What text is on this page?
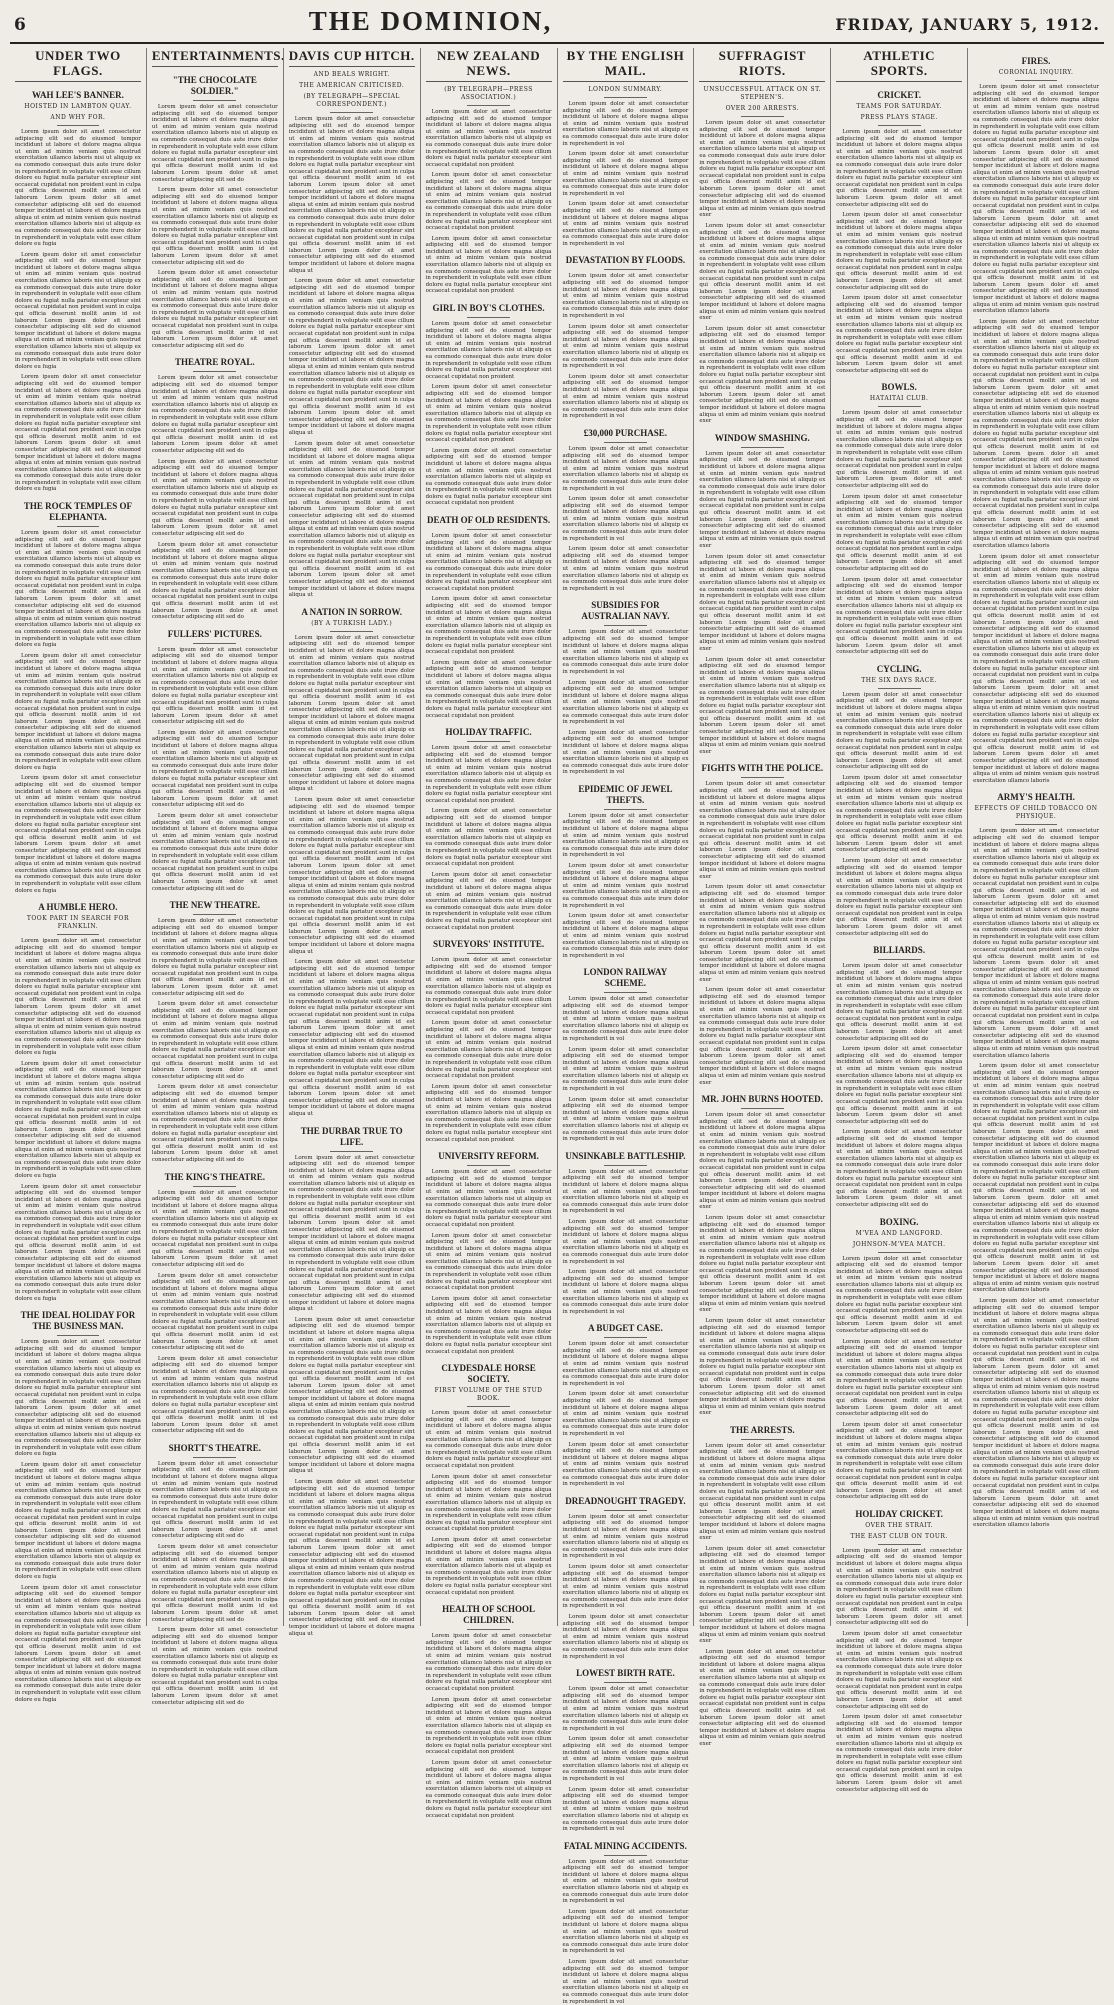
6	THE DOMINION,	FRIDAY, JANUARY 5, 1912.
UNDER TWO FLAGS.
WAH LEE'S BANNER.
HOISTED IN LAMBTON QUAY.
AND WHY FOR.

Lorem ipsum dolor sit amet consectetur adipiscing elit sed do eiusmod tempor incididunt ut labore et dolore magna aliqua ut enim ad minim veniam quis nostrud exercitation ullamco laboris nisi ut aliquip ex ea commodo consequat duis aute irure dolor in reprehenderit in voluptate velit esse cillum dolore eu fugiat nulla pariatur excepteur sint occaecat cupidatat non proident sunt in culpa qui officia deserunt mollit anim id est laborum Lorem ipsum dolor sit amet consectetur adipiscing elit sed do eiusmod tempor incididunt ut labore et dolore magna aliqua ut enim ad minim veniam quis nostrud exercitation ullamco laboris nisi ut aliquip ex ea commodo consequat duis aute irure dolor in reprehenderit in voluptate velit esse cillum dolore eu fugia

Lorem ipsum dolor sit amet consectetur adipiscing elit sed do eiusmod tempor incididunt ut labore et dolore magna aliqua ut enim ad minim veniam quis nostrud exercitation ullamco laboris nisi ut aliquip ex ea commodo consequat duis aute irure dolor in reprehenderit in voluptate velit esse cillum dolore eu fugiat nulla pariatur excepteur sint occaecat cupidatat non proident sunt in culpa qui officia deserunt mollit anim id est laborum Lorem ipsum dolor sit amet consectetur adipiscing elit sed do eiusmod tempor incididunt ut labore et dolore magna aliqua ut enim ad minim veniam quis nostrud exercitation ullamco laboris nisi ut aliquip ex ea commodo consequat duis aute irure dolor in reprehenderit in voluptate velit esse cillum dolore eu fugia

Lorem ipsum dolor sit amet consectetur adipiscing elit sed do eiusmod tempor incididunt ut labore et dolore magna aliqua ut enim ad minim veniam quis nostrud exercitation ullamco laboris nisi ut aliquip ex ea commodo consequat duis aute irure dolor in reprehenderit in voluptate velit esse cillum dolore eu fugiat nulla pariatur excepteur sint occaecat cupidatat non proident sunt in culpa qui officia deserunt mollit anim id est laborum Lorem ipsum dolor sit amet consectetur adipiscing elit sed do eiusmod tempor incididunt ut labore et dolore magna aliqua ut enim ad minim veniam quis nostrud exercitation ullamco laboris nisi ut aliquip ex ea commodo consequat duis aute irure dolor in reprehenderit in voluptate velit esse cillum dolore eu fugia

THE ROCK TEMPLES OF ELEPHANTA.

Lorem ipsum dolor sit amet consectetur adipiscing elit sed do eiusmod tempor incididunt ut labore et dolore magna aliqua ut enim ad minim veniam quis nostrud exercitation ullamco laboris nisi ut aliquip ex ea commodo consequat duis aute irure dolor in reprehenderit in voluptate velit esse cillum dolore eu fugiat nulla pariatur excepteur sint occaecat cupidatat non proident sunt in culpa qui officia deserunt mollit anim id est laborum Lorem ipsum dolor sit amet consectetur adipiscing elit sed do eiusmod tempor incididunt ut labore et dolore magna aliqua ut enim ad minim veniam quis nostrud exercitation ullamco laboris nisi ut aliquip ex ea commodo consequat duis aute irure dolor in reprehenderit in voluptate velit esse cillum dolore eu fugia

Lorem ipsum dolor sit amet consectetur adipiscing elit sed do eiusmod tempor incididunt ut labore et dolore magna aliqua ut enim ad minim veniam quis nostrud exercitation ullamco laboris nisi ut aliquip ex ea commodo consequat duis aute irure dolor in reprehenderit in voluptate velit esse cillum dolore eu fugiat nulla pariatur excepteur sint occaecat cupidatat non proident sunt in culpa qui officia deserunt mollit anim id est laborum Lorem ipsum dolor sit amet consectetur adipiscing elit sed do eiusmod tempor incididunt ut labore et dolore magna aliqua ut enim ad minim veniam quis nostrud exercitation ullamco laboris nisi ut aliquip ex ea commodo consequat duis aute irure dolor in reprehenderit in voluptate velit esse cillum dolore eu fugia

Lorem ipsum dolor sit amet consectetur adipiscing elit sed do eiusmod tempor incididunt ut labore et dolore magna aliqua ut enim ad minim veniam quis nostrud exercitation ullamco laboris nisi ut aliquip ex ea commodo consequat duis aute irure dolor in reprehenderit in voluptate velit esse cillum dolore eu fugiat nulla pariatur excepteur sint occaecat cupidatat non proident sunt in culpa qui officia deserunt mollit anim id est laborum Lorem ipsum dolor sit amet consectetur adipiscing elit sed do eiusmod tempor incididunt ut labore et dolore magna aliqua ut enim ad minim veniam quis nostrud exercitation ullamco laboris nisi ut aliquip ex ea commodo consequat duis aute irure dolor in reprehenderit in voluptate velit esse cillum dolore eu fugia

A HUMBLE HERO.
TOOK PART IN SEARCH FOR FRANKLIN.

Lorem ipsum dolor sit amet consectetur adipiscing elit sed do eiusmod tempor incididunt ut labore et dolore magna aliqua ut enim ad minim veniam quis nostrud exercitation ullamco laboris nisi ut aliquip ex ea commodo consequat duis aute irure dolor in reprehenderit in voluptate velit esse cillum dolore eu fugiat nulla pariatur excepteur sint occaecat cupidatat non proident sunt in culpa qui officia deserunt mollit anim id est laborum Lorem ipsum dolor sit amet consectetur adipiscing elit sed do eiusmod tempor incididunt ut labore et dolore magna aliqua ut enim ad minim veniam quis nostrud exercitation ullamco laboris nisi ut aliquip ex ea commodo consequat duis aute irure dolor in reprehenderit in voluptate velit esse cillum dolore eu fugia

Lorem ipsum dolor sit amet consectetur adipiscing elit sed do eiusmod tempor incididunt ut labore et dolore magna aliqua ut enim ad minim veniam quis nostrud exercitation ullamco laboris nisi ut aliquip ex ea commodo consequat duis aute irure dolor in reprehenderit in voluptate velit esse cillum dolore eu fugiat nulla pariatur excepteur sint occaecat cupidatat non proident sunt in culpa qui officia deserunt mollit anim id est laborum Lorem ipsum dolor sit amet consectetur adipiscing elit sed do eiusmod tempor incididunt ut labore et dolore magna aliqua ut enim ad minim veniam quis nostrud exercitation ullamco laboris nisi ut aliquip ex ea commodo consequat duis aute irure dolor in reprehenderit in voluptate velit esse cillum dolore eu fugia

Lorem ipsum dolor sit amet consectetur adipiscing elit sed do eiusmod tempor incididunt ut labore et dolore magna aliqua ut enim ad minim veniam quis nostrud exercitation ullamco laboris nisi ut aliquip ex ea commodo consequat duis aute irure dolor in reprehenderit in voluptate velit esse cillum dolore eu fugiat nulla pariatur excepteur sint occaecat cupidatat non proident sunt in culpa qui officia deserunt mollit anim id est laborum Lorem ipsum dolor sit amet consectetur adipiscing elit sed do eiusmod tempor incididunt ut labore et dolore magna aliqua ut enim ad minim veniam quis nostrud exercitation ullamco laboris nisi ut aliquip ex ea commodo consequat duis aute irure dolor in reprehenderit in voluptate velit esse cillum dolore eu fugia

THE IDEAL HOLIDAY FOR THE BUSINESS MAN.

Lorem ipsum dolor sit amet consectetur adipiscing elit sed do eiusmod tempor incididunt ut labore et dolore magna aliqua ut enim ad minim veniam quis nostrud exercitation ullamco laboris nisi ut aliquip ex ea commodo consequat duis aute irure dolor in reprehenderit in voluptate velit esse cillum dolore eu fugiat nulla pariatur excepteur sint occaecat cupidatat non proident sunt in culpa qui officia deserunt mollit anim id est laborum Lorem ipsum dolor sit amet consectetur adipiscing elit sed do eiusmod tempor incididunt ut labore et dolore magna aliqua ut enim ad minim veniam quis nostrud exercitation ullamco laboris nisi ut aliquip ex ea commodo consequat duis aute irure dolor in reprehenderit in voluptate velit esse cillum dolore eu fugia

Lorem ipsum dolor sit amet consectetur adipiscing elit sed do eiusmod tempor incididunt ut labore et dolore magna aliqua ut enim ad minim veniam quis nostrud exercitation ullamco laboris nisi ut aliquip ex ea commodo consequat duis aute irure dolor in reprehenderit in voluptate velit esse cillum dolore eu fugiat nulla pariatur excepteur sint occaecat cupidatat non proident sunt in culpa qui officia deserunt mollit anim id est laborum Lorem ipsum dolor sit amet consectetur adipiscing elit sed do eiusmod tempor incididunt ut labore et dolore magna aliqua ut enim ad minim veniam quis nostrud exercitation ullamco laboris nisi ut aliquip ex ea commodo consequat duis aute irure dolor in reprehenderit in voluptate velit esse cillum dolore eu fugia

Lorem ipsum dolor sit amet consectetur adipiscing elit sed do eiusmod tempor incididunt ut labore et dolore magna aliqua ut enim ad minim veniam quis nostrud exercitation ullamco laboris nisi ut aliquip ex ea commodo consequat duis aute irure dolor in reprehenderit in voluptate velit esse cillum dolore eu fugiat nulla pariatur excepteur sint occaecat cupidatat non proident sunt in culpa qui officia deserunt mollit anim id est laborum Lorem ipsum dolor sit amet consectetur adipiscing elit sed do eiusmod tempor incididunt ut labore et dolore magna aliqua ut enim ad minim veniam quis nostrud exercitation ullamco laboris nisi ut aliquip ex ea commodo consequat duis aute irure dolor in reprehenderit in voluptate velit esse cillum dolore eu fugia

ENTERTAINMENTS.
"THE CHOCOLATE SOLDIER."

Lorem ipsum dolor sit amet consectetur adipiscing elit sed do eiusmod tempor incididunt ut labore et dolore magna aliqua ut enim ad minim veniam quis nostrud exercitation ullamco laboris nisi ut aliquip ex ea commodo consequat duis aute irure dolor in reprehenderit in voluptate velit esse cillum dolore eu fugiat nulla pariatur excepteur sint occaecat cupidatat non proident sunt in culpa qui officia deserunt mollit anim id est laborum Lorem ipsum dolor sit amet consectetur adipiscing elit sed do

Lorem ipsum dolor sit amet consectetur adipiscing elit sed do eiusmod tempor incididunt ut labore et dolore magna aliqua ut enim ad minim veniam quis nostrud exercitation ullamco laboris nisi ut aliquip ex ea commodo consequat duis aute irure dolor in reprehenderit in voluptate velit esse cillum dolore eu fugiat nulla pariatur excepteur sint occaecat cupidatat non proident sunt in culpa qui officia deserunt mollit anim id est laborum Lorem ipsum dolor sit amet consectetur adipiscing elit sed do

Lorem ipsum dolor sit amet consectetur adipiscing elit sed do eiusmod tempor incididunt ut labore et dolore magna aliqua ut enim ad minim veniam quis nostrud exercitation ullamco laboris nisi ut aliquip ex ea commodo consequat duis aute irure dolor in reprehenderit in voluptate velit esse cillum dolore eu fugiat nulla pariatur excepteur sint occaecat cupidatat non proident sunt in culpa qui officia deserunt mollit anim id est laborum Lorem ipsum dolor sit amet consectetur adipiscing elit sed do

THEATRE ROYAL.

Lorem ipsum dolor sit amet consectetur adipiscing elit sed do eiusmod tempor incididunt ut labore et dolore magna aliqua ut enim ad minim veniam quis nostrud exercitation ullamco laboris nisi ut aliquip ex ea commodo consequat duis aute irure dolor in reprehenderit in voluptate velit esse cillum dolore eu fugiat nulla pariatur excepteur sint occaecat cupidatat non proident sunt in culpa qui officia deserunt mollit anim id est laborum Lorem ipsum dolor sit amet consectetur adipiscing elit sed do

Lorem ipsum dolor sit amet consectetur adipiscing elit sed do eiusmod tempor incididunt ut labore et dolore magna aliqua ut enim ad minim veniam quis nostrud exercitation ullamco laboris nisi ut aliquip ex ea commodo consequat duis aute irure dolor in reprehenderit in voluptate velit esse cillum dolore eu fugiat nulla pariatur excepteur sint occaecat cupidatat non proident sunt in culpa qui officia deserunt mollit anim id est laborum Lorem ipsum dolor sit amet consectetur adipiscing elit sed do

Lorem ipsum dolor sit amet consectetur adipiscing elit sed do eiusmod tempor incididunt ut labore et dolore magna aliqua ut enim ad minim veniam quis nostrud exercitation ullamco laboris nisi ut aliquip ex ea commodo consequat duis aute irure dolor in reprehenderit in voluptate velit esse cillum dolore eu fugiat nulla pariatur excepteur sint occaecat cupidatat non proident sunt in culpa qui officia deserunt mollit anim id est laborum Lorem ipsum dolor sit amet consectetur adipiscing elit sed do

FULLERS' PICTURES.

Lorem ipsum dolor sit amet consectetur adipiscing elit sed do eiusmod tempor incididunt ut labore et dolore magna aliqua ut enim ad minim veniam quis nostrud exercitation ullamco laboris nisi ut aliquip ex ea commodo consequat duis aute irure dolor in reprehenderit in voluptate velit esse cillum dolore eu fugiat nulla pariatur excepteur sint occaecat cupidatat non proident sunt in culpa qui officia deserunt mollit anim id est laborum Lorem ipsum dolor sit amet consectetur adipiscing elit sed do

Lorem ipsum dolor sit amet consectetur adipiscing elit sed do eiusmod tempor incididunt ut labore et dolore magna aliqua ut enim ad minim veniam quis nostrud exercitation ullamco laboris nisi ut aliquip ex ea commodo consequat duis aute irure dolor in reprehenderit in voluptate velit esse cillum dolore eu fugiat nulla pariatur excepteur sint occaecat cupidatat non proident sunt in culpa qui officia deserunt mollit anim id est laborum Lorem ipsum dolor sit amet consectetur adipiscing elit sed do

Lorem ipsum dolor sit amet consectetur adipiscing elit sed do eiusmod tempor incididunt ut labore et dolore magna aliqua ut enim ad minim veniam quis nostrud exercitation ullamco laboris nisi ut aliquip ex ea commodo consequat duis aute irure dolor in reprehenderit in voluptate velit esse cillum dolore eu fugiat nulla pariatur excepteur sint occaecat cupidatat non proident sunt in culpa qui officia deserunt mollit anim id est laborum Lorem ipsum dolor sit amet consectetur adipiscing elit sed do

THE NEW THEATRE.

Lorem ipsum dolor sit amet consectetur adipiscing elit sed do eiusmod tempor incididunt ut labore et dolore magna aliqua ut enim ad minim veniam quis nostrud exercitation ullamco laboris nisi ut aliquip ex ea commodo consequat duis aute irure dolor in reprehenderit in voluptate velit esse cillum dolore eu fugiat nulla pariatur excepteur sint occaecat cupidatat non proident sunt in culpa qui officia deserunt mollit anim id est laborum Lorem ipsum dolor sit amet consectetur adipiscing elit sed do

Lorem ipsum dolor sit amet consectetur adipiscing elit sed do eiusmod tempor incididunt ut labore et dolore magna aliqua ut enim ad minim veniam quis nostrud exercitation ullamco laboris nisi ut aliquip ex ea commodo consequat duis aute irure dolor in reprehenderit in voluptate velit esse cillum dolore eu fugiat nulla pariatur excepteur sint occaecat cupidatat non proident sunt in culpa qui officia deserunt mollit anim id est laborum Lorem ipsum dolor sit amet consectetur adipiscing elit sed do

Lorem ipsum dolor sit amet consectetur adipiscing elit sed do eiusmod tempor incididunt ut labore et dolore magna aliqua ut enim ad minim veniam quis nostrud exercitation ullamco laboris nisi ut aliquip ex ea commodo consequat duis aute irure dolor in reprehenderit in voluptate velit esse cillum dolore eu fugiat nulla pariatur excepteur sint occaecat cupidatat non proident sunt in culpa qui officia deserunt mollit anim id est laborum Lorem ipsum dolor sit amet consectetur adipiscing elit sed do

THE KING'S THEATRE.

Lorem ipsum dolor sit amet consectetur adipiscing elit sed do eiusmod tempor incididunt ut labore et dolore magna aliqua ut enim ad minim veniam quis nostrud exercitation ullamco laboris nisi ut aliquip ex ea commodo consequat duis aute irure dolor in reprehenderit in voluptate velit esse cillum dolore eu fugiat nulla pariatur excepteur sint occaecat cupidatat non proident sunt in culpa qui officia deserunt mollit anim id est laborum Lorem ipsum dolor sit amet consectetur adipiscing elit sed do

Lorem ipsum dolor sit amet consectetur adipiscing elit sed do eiusmod tempor incididunt ut labore et dolore magna aliqua ut enim ad minim veniam quis nostrud exercitation ullamco laboris nisi ut aliquip ex ea commodo consequat duis aute irure dolor in reprehenderit in voluptate velit esse cillum dolore eu fugiat nulla pariatur excepteur sint occaecat cupidatat non proident sunt in culpa qui officia deserunt mollit anim id est laborum Lorem ipsum dolor sit amet consectetur adipiscing elit sed do

Lorem ipsum dolor sit amet consectetur adipiscing elit sed do eiusmod tempor incididunt ut labore et dolore magna aliqua ut enim ad minim veniam quis nostrud exercitation ullamco laboris nisi ut aliquip ex ea commodo consequat duis aute irure dolor in reprehenderit in voluptate velit esse cillum dolore eu fugiat nulla pariatur excepteur sint occaecat cupidatat non proident sunt in culpa qui officia deserunt mollit anim id est laborum Lorem ipsum dolor sit amet consectetur adipiscing elit sed do

SHORTT'S THEATRE.

Lorem ipsum dolor sit amet consectetur adipiscing elit sed do eiusmod tempor incididunt ut labore et dolore magna aliqua ut enim ad minim veniam quis nostrud exercitation ullamco laboris nisi ut aliquip ex ea commodo consequat duis aute irure dolor in reprehenderit in voluptate velit esse cillum dolore eu fugiat nulla pariatur excepteur sint occaecat cupidatat non proident sunt in culpa qui officia deserunt mollit anim id est laborum Lorem ipsum dolor sit amet consectetur adipiscing elit sed do

Lorem ipsum dolor sit amet consectetur adipiscing elit sed do eiusmod tempor incididunt ut labore et dolore magna aliqua ut enim ad minim veniam quis nostrud exercitation ullamco laboris nisi ut aliquip ex ea commodo consequat duis aute irure dolor in reprehenderit in voluptate velit esse cillum dolore eu fugiat nulla pariatur excepteur sint occaecat cupidatat non proident sunt in culpa qui officia deserunt mollit anim id est laborum Lorem ipsum dolor sit amet consectetur adipiscing elit sed do

Lorem ipsum dolor sit amet consectetur adipiscing elit sed do eiusmod tempor incididunt ut labore et dolore magna aliqua ut enim ad minim veniam quis nostrud exercitation ullamco laboris nisi ut aliquip ex ea commodo consequat duis aute irure dolor in reprehenderit in voluptate velit esse cillum dolore eu fugiat nulla pariatur excepteur sint occaecat cupidatat non proident sunt in culpa qui officia deserunt mollit anim id est laborum Lorem ipsum dolor sit amet consectetur adipiscing elit sed do

DAVIS CUP HITCH.
AND BEALS WRIGHT.
THE AMERICAN CRITICISED.
(BY TELEGRAPH—SPECIAL CORRESPONDENT.)

Lorem ipsum dolor sit amet consectetur adipiscing elit sed do eiusmod tempor incididunt ut labore et dolore magna aliqua ut enim ad minim veniam quis nostrud exercitation ullamco laboris nisi ut aliquip ex ea commodo consequat duis aute irure dolor in reprehenderit in voluptate velit esse cillum dolore eu fugiat nulla pariatur excepteur sint occaecat cupidatat non proident sunt in culpa qui officia deserunt mollit anim id est laborum Lorem ipsum dolor sit amet consectetur adipiscing elit sed do eiusmod tempor incididunt ut labore et dolore magna aliqua ut enim ad minim veniam quis nostrud exercitation ullamco laboris nisi ut aliquip ex ea commodo consequat duis aute irure dolor in reprehenderit in voluptate velit esse cillum dolore eu fugiat nulla pariatur excepteur sint occaecat cupidatat non proident sunt in culpa qui officia deserunt mollit anim id est laborum Lorem ipsum dolor sit amet consectetur adipiscing elit sed do eiusmod tempor incididunt ut labore et dolore magna aliqua ut

Lorem ipsum dolor sit amet consectetur adipiscing elit sed do eiusmod tempor incididunt ut labore et dolore magna aliqua ut enim ad minim veniam quis nostrud exercitation ullamco laboris nisi ut aliquip ex ea commodo consequat duis aute irure dolor in reprehenderit in voluptate velit esse cillum dolore eu fugiat nulla pariatur excepteur sint occaecat cupidatat non proident sunt in culpa qui officia deserunt mollit anim id est laborum Lorem ipsum dolor sit amet consectetur adipiscing elit sed do eiusmod tempor incididunt ut labore et dolore magna aliqua ut enim ad minim veniam quis nostrud exercitation ullamco laboris nisi ut aliquip ex ea commodo consequat duis aute irure dolor in reprehenderit in voluptate velit esse cillum dolore eu fugiat nulla pariatur excepteur sint occaecat cupidatat non proident sunt in culpa qui officia deserunt mollit anim id est laborum Lorem ipsum dolor sit amet consectetur adipiscing elit sed do eiusmod tempor incididunt ut labore et dolore magna aliqua ut

Lorem ipsum dolor sit amet consectetur adipiscing elit sed do eiusmod tempor incididunt ut labore et dolore magna aliqua ut enim ad minim veniam quis nostrud exercitation ullamco laboris nisi ut aliquip ex ea commodo consequat duis aute irure dolor in reprehenderit in voluptate velit esse cillum dolore eu fugiat nulla pariatur excepteur sint occaecat cupidatat non proident sunt in culpa qui officia deserunt mollit anim id est laborum Lorem ipsum dolor sit amet consectetur adipiscing elit sed do eiusmod tempor incididunt ut labore et dolore magna aliqua ut enim ad minim veniam quis nostrud exercitation ullamco laboris nisi ut aliquip ex ea commodo consequat duis aute irure dolor in reprehenderit in voluptate velit esse cillum dolore eu fugiat nulla pariatur excepteur sint occaecat cupidatat non proident sunt in culpa qui officia deserunt mollit anim id est laborum Lorem ipsum dolor sit amet consectetur adipiscing elit sed do eiusmod tempor incididunt ut labore et dolore magna aliqua ut

A NATION IN SORROW.
(BY A TURKISH LADY.)

Lorem ipsum dolor sit amet consectetur adipiscing elit sed do eiusmod tempor incididunt ut labore et dolore magna aliqua ut enim ad minim veniam quis nostrud exercitation ullamco laboris nisi ut aliquip ex ea commodo consequat duis aute irure dolor in reprehenderit in voluptate velit esse cillum dolore eu fugiat nulla pariatur excepteur sint occaecat cupidatat non proident sunt in culpa qui officia deserunt mollit anim id est laborum Lorem ipsum dolor sit amet consectetur adipiscing elit sed do eiusmod tempor incididunt ut labore et dolore magna aliqua ut enim ad minim veniam quis nostrud exercitation ullamco laboris nisi ut aliquip ex ea commodo consequat duis aute irure dolor in reprehenderit in voluptate velit esse cillum dolore eu fugiat nulla pariatur excepteur sint occaecat cupidatat non proident sunt in culpa qui officia deserunt mollit anim id est laborum Lorem ipsum dolor sit amet consectetur adipiscing elit sed do eiusmod tempor incididunt ut labore et dolore magna aliqua ut

Lorem ipsum dolor sit amet consectetur adipiscing elit sed do eiusmod tempor incididunt ut labore et dolore magna aliqua ut enim ad minim veniam quis nostrud exercitation ullamco laboris nisi ut aliquip ex ea commodo consequat duis aute irure dolor in reprehenderit in voluptate velit esse cillum dolore eu fugiat nulla pariatur excepteur sint occaecat cupidatat non proident sunt in culpa qui officia deserunt mollit anim id est laborum Lorem ipsum dolor sit amet consectetur adipiscing elit sed do eiusmod tempor incididunt ut labore et dolore magna aliqua ut enim ad minim veniam quis nostrud exercitation ullamco laboris nisi ut aliquip ex ea commodo consequat duis aute irure dolor in reprehenderit in voluptate velit esse cillum dolore eu fugiat nulla pariatur excepteur sint occaecat cupidatat non proident sunt in culpa qui officia deserunt mollit anim id est laborum Lorem ipsum dolor sit amet consectetur adipiscing elit sed do eiusmod tempor incididunt ut labore et dolore magna aliqua ut

Lorem ipsum dolor sit amet consectetur adipiscing elit sed do eiusmod tempor incididunt ut labore et dolore magna aliqua ut enim ad minim veniam quis nostrud exercitation ullamco laboris nisi ut aliquip ex ea commodo consequat duis aute irure dolor in reprehenderit in voluptate velit esse cillum dolore eu fugiat nulla pariatur excepteur sint occaecat cupidatat non proident sunt in culpa qui officia deserunt mollit anim id est laborum Lorem ipsum dolor sit amet consectetur adipiscing elit sed do eiusmod tempor incididunt ut labore et dolore magna aliqua ut enim ad minim veniam quis nostrud exercitation ullamco laboris nisi ut aliquip ex ea commodo consequat duis aute irure dolor in reprehenderit in voluptate velit esse cillum dolore eu fugiat nulla pariatur excepteur sint occaecat cupidatat non proident sunt in culpa qui officia deserunt mollit anim id est laborum Lorem ipsum dolor sit amet consectetur adipiscing elit sed do eiusmod tempor incididunt ut labore et dolore magna aliqua ut

THE DURBAR TRUE TO LIFE.

Lorem ipsum dolor sit amet consectetur adipiscing elit sed do eiusmod tempor incididunt ut labore et dolore magna aliqua ut enim ad minim veniam quis nostrud exercitation ullamco laboris nisi ut aliquip ex ea commodo consequat duis aute irure dolor in reprehenderit in voluptate velit esse cillum dolore eu fugiat nulla pariatur excepteur sint occaecat cupidatat non proident sunt in culpa qui officia deserunt mollit anim id est laborum Lorem ipsum dolor sit amet consectetur adipiscing elit sed do eiusmod tempor incididunt ut labore et dolore magna aliqua ut enim ad minim veniam quis nostrud exercitation ullamco laboris nisi ut aliquip ex ea commodo consequat duis aute irure dolor in reprehenderit in voluptate velit esse cillum dolore eu fugiat nulla pariatur excepteur sint occaecat cupidatat non proident sunt in culpa qui officia deserunt mollit anim id est laborum Lorem ipsum dolor sit amet consectetur adipiscing elit sed do eiusmod tempor incididunt ut labore et dolore magna aliqua ut

Lorem ipsum dolor sit amet consectetur adipiscing elit sed do eiusmod tempor incididunt ut labore et dolore magna aliqua ut enim ad minim veniam quis nostrud exercitation ullamco laboris nisi ut aliquip ex ea commodo consequat duis aute irure dolor in reprehenderit in voluptate velit esse cillum dolore eu fugiat nulla pariatur excepteur sint occaecat cupidatat non proident sunt in culpa qui officia deserunt mollit anim id est laborum Lorem ipsum dolor sit amet consectetur adipiscing elit sed do eiusmod tempor incididunt ut labore et dolore magna aliqua ut enim ad minim veniam quis nostrud exercitation ullamco laboris nisi ut aliquip ex ea commodo consequat duis aute irure dolor in reprehenderit in voluptate velit esse cillum dolore eu fugiat nulla pariatur excepteur sint occaecat cupidatat non proident sunt in culpa qui officia deserunt mollit anim id est laborum Lorem ipsum dolor sit amet consectetur adipiscing elit sed do eiusmod tempor incididunt ut labore et dolore magna aliqua ut

Lorem ipsum dolor sit amet consectetur adipiscing elit sed do eiusmod tempor incididunt ut labore et dolore magna aliqua ut enim ad minim veniam quis nostrud exercitation ullamco laboris nisi ut aliquip ex ea commodo consequat duis aute irure dolor in reprehenderit in voluptate velit esse cillum dolore eu fugiat nulla pariatur excepteur sint occaecat cupidatat non proident sunt in culpa qui officia deserunt mollit anim id est laborum Lorem ipsum dolor sit amet consectetur adipiscing elit sed do eiusmod tempor incididunt ut labore et dolore magna aliqua ut enim ad minim veniam quis nostrud exercitation ullamco laboris nisi ut aliquip ex ea commodo consequat duis aute irure dolor in reprehenderit in voluptate velit esse cillum dolore eu fugiat nulla pariatur excepteur sint occaecat cupidatat non proident sunt in culpa qui officia deserunt mollit anim id est laborum Lorem ipsum dolor sit amet consectetur adipiscing elit sed do eiusmod tempor incididunt ut labore et dolore magna aliqua ut

NEW ZEALAND NEWS.
(BY TELEGRAPH—PRESS ASSOCIATION.)

Lorem ipsum dolor sit amet consectetur adipiscing elit sed do eiusmod tempor incididunt ut labore et dolore magna aliqua ut enim ad minim veniam quis nostrud exercitation ullamco laboris nisi ut aliquip ex ea commodo consequat duis aute irure dolor in reprehenderit in voluptate velit esse cillum dolore eu fugiat nulla pariatur excepteur sint occaecat cupidatat non proident

Lorem ipsum dolor sit amet consectetur adipiscing elit sed do eiusmod tempor incididunt ut labore et dolore magna aliqua ut enim ad minim veniam quis nostrud exercitation ullamco laboris nisi ut aliquip ex ea commodo consequat duis aute irure dolor in reprehenderit in voluptate velit esse cillum dolore eu fugiat nulla pariatur excepteur sint occaecat cupidatat non proident

Lorem ipsum dolor sit amet consectetur adipiscing elit sed do eiusmod tempor incididunt ut labore et dolore magna aliqua ut enim ad minim veniam quis nostrud exercitation ullamco laboris nisi ut aliquip ex ea commodo consequat duis aute irure dolor in reprehenderit in voluptate velit esse cillum dolore eu fugiat nulla pariatur excepteur sint occaecat cupidatat non proident

GIRL IN BOY'S CLOTHES.

Lorem ipsum dolor sit amet consectetur adipiscing elit sed do eiusmod tempor incididunt ut labore et dolore magna aliqua ut enim ad minim veniam quis nostrud exercitation ullamco laboris nisi ut aliquip ex ea commodo consequat duis aute irure dolor in reprehenderit in voluptate velit esse cillum dolore eu fugiat nulla pariatur excepteur sint occaecat cupidatat non proident

Lorem ipsum dolor sit amet consectetur adipiscing elit sed do eiusmod tempor incididunt ut labore et dolore magna aliqua ut enim ad minim veniam quis nostrud exercitation ullamco laboris nisi ut aliquip ex ea commodo consequat duis aute irure dolor in reprehenderit in voluptate velit esse cillum dolore eu fugiat nulla pariatur excepteur sint occaecat cupidatat non proident

Lorem ipsum dolor sit amet consectetur adipiscing elit sed do eiusmod tempor incididunt ut labore et dolore magna aliqua ut enim ad minim veniam quis nostrud exercitation ullamco laboris nisi ut aliquip ex ea commodo consequat duis aute irure dolor in reprehenderit in voluptate velit esse cillum dolore eu fugiat nulla pariatur excepteur sint occaecat cupidatat non proident

DEATH OF OLD RESIDENTS.

Lorem ipsum dolor sit amet consectetur adipiscing elit sed do eiusmod tempor incididunt ut labore et dolore magna aliqua ut enim ad minim veniam quis nostrud exercitation ullamco laboris nisi ut aliquip ex ea commodo consequat duis aute irure dolor in reprehenderit in voluptate velit esse cillum dolore eu fugiat nulla pariatur excepteur sint occaecat cupidatat non proident

Lorem ipsum dolor sit amet consectetur adipiscing elit sed do eiusmod tempor incididunt ut labore et dolore magna aliqua ut enim ad minim veniam quis nostrud exercitation ullamco laboris nisi ut aliquip ex ea commodo consequat duis aute irure dolor in reprehenderit in voluptate velit esse cillum dolore eu fugiat nulla pariatur excepteur sint occaecat cupidatat non proident

Lorem ipsum dolor sit amet consectetur adipiscing elit sed do eiusmod tempor incididunt ut labore et dolore magna aliqua ut enim ad minim veniam quis nostrud exercitation ullamco laboris nisi ut aliquip ex ea commodo consequat duis aute irure dolor in reprehenderit in voluptate velit esse cillum dolore eu fugiat nulla pariatur excepteur sint occaecat cupidatat non proident

HOLIDAY TRAFFIC.

Lorem ipsum dolor sit amet consectetur adipiscing elit sed do eiusmod tempor incididunt ut labore et dolore magna aliqua ut enim ad minim veniam quis nostrud exercitation ullamco laboris nisi ut aliquip ex ea commodo consequat duis aute irure dolor in reprehenderit in voluptate velit esse cillum dolore eu fugiat nulla pariatur excepteur sint occaecat cupidatat non proident

Lorem ipsum dolor sit amet consectetur adipiscing elit sed do eiusmod tempor incididunt ut labore et dolore magna aliqua ut enim ad minim veniam quis nostrud exercitation ullamco laboris nisi ut aliquip ex ea commodo consequat duis aute irure dolor in reprehenderit in voluptate velit esse cillum dolore eu fugiat nulla pariatur excepteur sint occaecat cupidatat non proident

Lorem ipsum dolor sit amet consectetur adipiscing elit sed do eiusmod tempor incididunt ut labore et dolore magna aliqua ut enim ad minim veniam quis nostrud exercitation ullamco laboris nisi ut aliquip ex ea commodo consequat duis aute irure dolor in reprehenderit in voluptate velit esse cillum dolore eu fugiat nulla pariatur excepteur sint occaecat cupidatat non proident

SURVEYORS' INSTITUTE.

Lorem ipsum dolor sit amet consectetur adipiscing elit sed do eiusmod tempor incididunt ut labore et dolore magna aliqua ut enim ad minim veniam quis nostrud exercitation ullamco laboris nisi ut aliquip ex ea commodo consequat duis aute irure dolor in reprehenderit in voluptate velit esse cillum dolore eu fugiat nulla pariatur excepteur sint occaecat cupidatat non proident

Lorem ipsum dolor sit amet consectetur adipiscing elit sed do eiusmod tempor incididunt ut labore et dolore magna aliqua ut enim ad minim veniam quis nostrud exercitation ullamco laboris nisi ut aliquip ex ea commodo consequat duis aute irure dolor in reprehenderit in voluptate velit esse cillum dolore eu fugiat nulla pariatur excepteur sint occaecat cupidatat non proident

Lorem ipsum dolor sit amet consectetur adipiscing elit sed do eiusmod tempor incididunt ut labore et dolore magna aliqua ut enim ad minim veniam quis nostrud exercitation ullamco laboris nisi ut aliquip ex ea commodo consequat duis aute irure dolor in reprehenderit in voluptate velit esse cillum dolore eu fugiat nulla pariatur excepteur sint occaecat cupidatat non proident

UNIVERSITY REFORM.

Lorem ipsum dolor sit amet consectetur adipiscing elit sed do eiusmod tempor incididunt ut labore et dolore magna aliqua ut enim ad minim veniam quis nostrud exercitation ullamco laboris nisi ut aliquip ex ea commodo consequat duis aute irure dolor in reprehenderit in voluptate velit esse cillum dolore eu fugiat nulla pariatur excepteur sint occaecat cupidatat non proident

Lorem ipsum dolor sit amet consectetur adipiscing elit sed do eiusmod tempor incididunt ut labore et dolore magna aliqua ut enim ad minim veniam quis nostrud exercitation ullamco laboris nisi ut aliquip ex ea commodo consequat duis aute irure dolor in reprehenderit in voluptate velit esse cillum dolore eu fugiat nulla pariatur excepteur sint occaecat cupidatat non proident

Lorem ipsum dolor sit amet consectetur adipiscing elit sed do eiusmod tempor incididunt ut labore et dolore magna aliqua ut enim ad minim veniam quis nostrud exercitation ullamco laboris nisi ut aliquip ex ea commodo consequat duis aute irure dolor in reprehenderit in voluptate velit esse cillum dolore eu fugiat nulla pariatur excepteur sint occaecat cupidatat non proident

CLYDESDALE HORSE SOCIETY.
FIRST VOLUME OF THE STUD BOOK.

Lorem ipsum dolor sit amet consectetur adipiscing elit sed do eiusmod tempor incididunt ut labore et dolore magna aliqua ut enim ad minim veniam quis nostrud exercitation ullamco laboris nisi ut aliquip ex ea commodo consequat duis aute irure dolor in reprehenderit in voluptate velit esse cillum dolore eu fugiat nulla pariatur excepteur sint occaecat cupidatat non proident

Lorem ipsum dolor sit amet consectetur adipiscing elit sed do eiusmod tempor incididunt ut labore et dolore magna aliqua ut enim ad minim veniam quis nostrud exercitation ullamco laboris nisi ut aliquip ex ea commodo consequat duis aute irure dolor in reprehenderit in voluptate velit esse cillum dolore eu fugiat nulla pariatur excepteur sint occaecat cupidatat non proident

Lorem ipsum dolor sit amet consectetur adipiscing elit sed do eiusmod tempor incididunt ut labore et dolore magna aliqua ut enim ad minim veniam quis nostrud exercitation ullamco laboris nisi ut aliquip ex ea commodo consequat duis aute irure dolor in reprehenderit in voluptate velit esse cillum dolore eu fugiat nulla pariatur excepteur sint occaecat cupidatat non proident

HEALTH OF SCHOOL CHILDREN.

Lorem ipsum dolor sit amet consectetur adipiscing elit sed do eiusmod tempor incididunt ut labore et dolore magna aliqua ut enim ad minim veniam quis nostrud exercitation ullamco laboris nisi ut aliquip ex ea commodo consequat duis aute irure dolor in reprehenderit in voluptate velit esse cillum dolore eu fugiat nulla pariatur excepteur sint occaecat cupidatat non proident

Lorem ipsum dolor sit amet consectetur adipiscing elit sed do eiusmod tempor incididunt ut labore et dolore magna aliqua ut enim ad minim veniam quis nostrud exercitation ullamco laboris nisi ut aliquip ex ea commodo consequat duis aute irure dolor in reprehenderit in voluptate velit esse cillum dolore eu fugiat nulla pariatur excepteur sint occaecat cupidatat non proident

Lorem ipsum dolor sit amet consectetur adipiscing elit sed do eiusmod tempor incididunt ut labore et dolore magna aliqua ut enim ad minim veniam quis nostrud exercitation ullamco laboris nisi ut aliquip ex ea commodo consequat duis aute irure dolor in reprehenderit in voluptate velit esse cillum dolore eu fugiat nulla pariatur excepteur sint occaecat cupidatat non proident

BY THE ENGLISH MAIL.
LONDON SUMMARY.

Lorem ipsum dolor sit amet consectetur adipiscing elit sed do eiusmod tempor incididunt ut labore et dolore magna aliqua ut enim ad minim veniam quis nostrud exercitation ullamco laboris nisi ut aliquip ex ea commodo consequat duis aute irure dolor in reprehenderit in vol

Lorem ipsum dolor sit amet consectetur adipiscing elit sed do eiusmod tempor incididunt ut labore et dolore magna aliqua ut enim ad minim veniam quis nostrud exercitation ullamco laboris nisi ut aliquip ex ea commodo consequat duis aute irure dolor in reprehenderit in vol

Lorem ipsum dolor sit amet consectetur adipiscing elit sed do eiusmod tempor incididunt ut labore et dolore magna aliqua ut enim ad minim veniam quis nostrud exercitation ullamco laboris nisi ut aliquip ex ea commodo consequat duis aute irure dolor in reprehenderit in vol

DEVASTATION BY FLOODS.

Lorem ipsum dolor sit amet consectetur adipiscing elit sed do eiusmod tempor incididunt ut labore et dolore magna aliqua ut enim ad minim veniam quis nostrud exercitation ullamco laboris nisi ut aliquip ex ea commodo consequat duis aute irure dolor in reprehenderit in vol

Lorem ipsum dolor sit amet consectetur adipiscing elit sed do eiusmod tempor incididunt ut labore et dolore magna aliqua ut enim ad minim veniam quis nostrud exercitation ullamco laboris nisi ut aliquip ex ea commodo consequat duis aute irure dolor in reprehenderit in vol

Lorem ipsum dolor sit amet consectetur adipiscing elit sed do eiusmod tempor incididunt ut labore et dolore magna aliqua ut enim ad minim veniam quis nostrud exercitation ullamco laboris nisi ut aliquip ex ea commodo consequat duis aute irure dolor in reprehenderit in vol

£30,000 PURCHASE.

Lorem ipsum dolor sit amet consectetur adipiscing elit sed do eiusmod tempor incididunt ut labore et dolore magna aliqua ut enim ad minim veniam quis nostrud exercitation ullamco laboris nisi ut aliquip ex ea commodo consequat duis aute irure dolor in reprehenderit in vol

Lorem ipsum dolor sit amet consectetur adipiscing elit sed do eiusmod tempor incididunt ut labore et dolore magna aliqua ut enim ad minim veniam quis nostrud exercitation ullamco laboris nisi ut aliquip ex ea commodo consequat duis aute irure dolor in reprehenderit in vol

Lorem ipsum dolor sit amet consectetur adipiscing elit sed do eiusmod tempor incididunt ut labore et dolore magna aliqua ut enim ad minim veniam quis nostrud exercitation ullamco laboris nisi ut aliquip ex ea commodo consequat duis aute irure dolor in reprehenderit in vol

SUBSIDIES FOR AUSTRALIAN NAVY.

Lorem ipsum dolor sit amet consectetur adipiscing elit sed do eiusmod tempor incididunt ut labore et dolore magna aliqua ut enim ad minim veniam quis nostrud exercitation ullamco laboris nisi ut aliquip ex ea commodo consequat duis aute irure dolor in reprehenderit in vol

Lorem ipsum dolor sit amet consectetur adipiscing elit sed do eiusmod tempor incididunt ut labore et dolore magna aliqua ut enim ad minim veniam quis nostrud exercitation ullamco laboris nisi ut aliquip ex ea commodo consequat duis aute irure dolor in reprehenderit in vol

Lorem ipsum dolor sit amet consectetur adipiscing elit sed do eiusmod tempor incididunt ut labore et dolore magna aliqua ut enim ad minim veniam quis nostrud exercitation ullamco laboris nisi ut aliquip ex ea commodo consequat duis aute irure dolor in reprehenderit in vol

EPIDEMIC OF JEWEL THEFTS.

Lorem ipsum dolor sit amet consectetur adipiscing elit sed do eiusmod tempor incididunt ut labore et dolore magna aliqua ut enim ad minim veniam quis nostrud exercitation ullamco laboris nisi ut aliquip ex ea commodo consequat duis aute irure dolor in reprehenderit in vol

Lorem ipsum dolor sit amet consectetur adipiscing elit sed do eiusmod tempor incididunt ut labore et dolore magna aliqua ut enim ad minim veniam quis nostrud exercitation ullamco laboris nisi ut aliquip ex ea commodo consequat duis aute irure dolor in reprehenderit in vol

Lorem ipsum dolor sit amet consectetur adipiscing elit sed do eiusmod tempor incididunt ut labore et dolore magna aliqua ut enim ad minim veniam quis nostrud exercitation ullamco laboris nisi ut aliquip ex ea commodo consequat duis aute irure dolor in reprehenderit in vol

LONDON RAILWAY SCHEME.

Lorem ipsum dolor sit amet consectetur adipiscing elit sed do eiusmod tempor incididunt ut labore et dolore magna aliqua ut enim ad minim veniam quis nostrud exercitation ullamco laboris nisi ut aliquip ex ea commodo consequat duis aute irure dolor in reprehenderit in vol

Lorem ipsum dolor sit amet consectetur adipiscing elit sed do eiusmod tempor incididunt ut labore et dolore magna aliqua ut enim ad minim veniam quis nostrud exercitation ullamco laboris nisi ut aliquip ex ea commodo consequat duis aute irure dolor in reprehenderit in vol

Lorem ipsum dolor sit amet consectetur adipiscing elit sed do eiusmod tempor incididunt ut labore et dolore magna aliqua ut enim ad minim veniam quis nostrud exercitation ullamco laboris nisi ut aliquip ex ea commodo consequat duis aute irure dolor in reprehenderit in vol

UNSINKABLE BATTLESHIP.

Lorem ipsum dolor sit amet consectetur adipiscing elit sed do eiusmod tempor incididunt ut labore et dolore magna aliqua ut enim ad minim veniam quis nostrud exercitation ullamco laboris nisi ut aliquip ex ea commodo consequat duis aute irure dolor in reprehenderit in vol

Lorem ipsum dolor sit amet consectetur adipiscing elit sed do eiusmod tempor incididunt ut labore et dolore magna aliqua ut enim ad minim veniam quis nostrud exercitation ullamco laboris nisi ut aliquip ex ea commodo consequat duis aute irure dolor in reprehenderit in vol

Lorem ipsum dolor sit amet consectetur adipiscing elit sed do eiusmod tempor incididunt ut labore et dolore magna aliqua ut enim ad minim veniam quis nostrud exercitation ullamco laboris nisi ut aliquip ex ea commodo consequat duis aute irure dolor in reprehenderit in vol

A BUDGET CASE.

Lorem ipsum dolor sit amet consectetur adipiscing elit sed do eiusmod tempor incididunt ut labore et dolore magna aliqua ut enim ad minim veniam quis nostrud exercitation ullamco laboris nisi ut aliquip ex ea commodo consequat duis aute irure dolor in reprehenderit in vol

Lorem ipsum dolor sit amet consectetur adipiscing elit sed do eiusmod tempor incididunt ut labore et dolore magna aliqua ut enim ad minim veniam quis nostrud exercitation ullamco laboris nisi ut aliquip ex ea commodo consequat duis aute irure dolor in reprehenderit in vol

Lorem ipsum dolor sit amet consectetur adipiscing elit sed do eiusmod tempor incididunt ut labore et dolore magna aliqua ut enim ad minim veniam quis nostrud exercitation ullamco laboris nisi ut aliquip ex ea commodo consequat duis aute irure dolor in reprehenderit in vol

DREADNOUGHT TRAGEDY.

Lorem ipsum dolor sit amet consectetur adipiscing elit sed do eiusmod tempor incididunt ut labore et dolore magna aliqua ut enim ad minim veniam quis nostrud exercitation ullamco laboris nisi ut aliquip ex ea commodo consequat duis aute irure dolor in reprehenderit in vol

Lorem ipsum dolor sit amet consectetur adipiscing elit sed do eiusmod tempor incididunt ut labore et dolore magna aliqua ut enim ad minim veniam quis nostrud exercitation ullamco laboris nisi ut aliquip ex ea commodo consequat duis aute irure dolor in reprehenderit in vol

Lorem ipsum dolor sit amet consectetur adipiscing elit sed do eiusmod tempor incididunt ut labore et dolore magna aliqua ut enim ad minim veniam quis nostrud exercitation ullamco laboris nisi ut aliquip ex ea commodo consequat duis aute irure dolor in reprehenderit in vol

LOWEST BIRTH RATE.

Lorem ipsum dolor sit amet consectetur adipiscing elit sed do eiusmod tempor incididunt ut labore et dolore magna aliqua ut enim ad minim veniam quis nostrud exercitation ullamco laboris nisi ut aliquip ex ea commodo consequat duis aute irure dolor in reprehenderit in vol

Lorem ipsum dolor sit amet consectetur adipiscing elit sed do eiusmod tempor incididunt ut labore et dolore magna aliqua ut enim ad minim veniam quis nostrud exercitation ullamco laboris nisi ut aliquip ex ea commodo consequat duis aute irure dolor in reprehenderit in vol

Lorem ipsum dolor sit amet consectetur adipiscing elit sed do eiusmod tempor incididunt ut labore et dolore magna aliqua ut enim ad minim veniam quis nostrud exercitation ullamco laboris nisi ut aliquip ex ea commodo consequat duis aute irure dolor in reprehenderit in vol

FATAL MINING ACCIDENTS.

Lorem ipsum dolor sit amet consectetur adipiscing elit sed do eiusmod tempor incididunt ut labore et dolore magna aliqua ut enim ad minim veniam quis nostrud exercitation ullamco laboris nisi ut aliquip ex ea commodo consequat duis aute irure dolor in reprehenderit in vol

Lorem ipsum dolor sit amet consectetur adipiscing elit sed do eiusmod tempor incididunt ut labore et dolore magna aliqua ut enim ad minim veniam quis nostrud exercitation ullamco laboris nisi ut aliquip ex ea commodo consequat duis aute irure dolor in reprehenderit in vol

Lorem ipsum dolor sit amet consectetur adipiscing elit sed do eiusmod tempor incididunt ut labore et dolore magna aliqua ut enim ad minim veniam quis nostrud exercitation ullamco laboris nisi ut aliquip ex ea commodo consequat duis aute irure dolor in reprehenderit in vol

SUFFRAGIST RIOTS.
UNSUCCESSFUL ATTACK ON ST. STEPHEN'S.
OVER 200 ARRESTS.

Lorem ipsum dolor sit amet consectetur adipiscing elit sed do eiusmod tempor incididunt ut labore et dolore magna aliqua ut enim ad minim veniam quis nostrud exercitation ullamco laboris nisi ut aliquip ex ea commodo consequat duis aute irure dolor in reprehenderit in voluptate velit esse cillum dolore eu fugiat nulla pariatur excepteur sint occaecat cupidatat non proident sunt in culpa qui officia deserunt mollit anim id est laborum Lorem ipsum dolor sit amet consectetur adipiscing elit sed do eiusmod tempor incididunt ut labore et dolore magna aliqua ut enim ad minim veniam quis nostrud exer

Lorem ipsum dolor sit amet consectetur adipiscing elit sed do eiusmod tempor incididunt ut labore et dolore magna aliqua ut enim ad minim veniam quis nostrud exercitation ullamco laboris nisi ut aliquip ex ea commodo consequat duis aute irure dolor in reprehenderit in voluptate velit esse cillum dolore eu fugiat nulla pariatur excepteur sint occaecat cupidatat non proident sunt in culpa qui officia deserunt mollit anim id est laborum Lorem ipsum dolor sit amet consectetur adipiscing elit sed do eiusmod tempor incididunt ut labore et dolore magna aliqua ut enim ad minim veniam quis nostrud exer

Lorem ipsum dolor sit amet consectetur adipiscing elit sed do eiusmod tempor incididunt ut labore et dolore magna aliqua ut enim ad minim veniam quis nostrud exercitation ullamco laboris nisi ut aliquip ex ea commodo consequat duis aute irure dolor in reprehenderit in voluptate velit esse cillum dolore eu fugiat nulla pariatur excepteur sint occaecat cupidatat non proident sunt in culpa qui officia deserunt mollit anim id est laborum Lorem ipsum dolor sit amet consectetur adipiscing elit sed do eiusmod tempor incididunt ut labore et dolore magna aliqua ut enim ad minim veniam quis nostrud exer

WINDOW SMASHING.

Lorem ipsum dolor sit amet consectetur adipiscing elit sed do eiusmod tempor incididunt ut labore et dolore magna aliqua ut enim ad minim veniam quis nostrud exercitation ullamco laboris nisi ut aliquip ex ea commodo consequat duis aute irure dolor in reprehenderit in voluptate velit esse cillum dolore eu fugiat nulla pariatur excepteur sint occaecat cupidatat non proident sunt in culpa qui officia deserunt mollit anim id est laborum Lorem ipsum dolor sit amet consectetur adipiscing elit sed do eiusmod tempor incididunt ut labore et dolore magna aliqua ut enim ad minim veniam quis nostrud exer

Lorem ipsum dolor sit amet consectetur adipiscing elit sed do eiusmod tempor incididunt ut labore et dolore magna aliqua ut enim ad minim veniam quis nostrud exercitation ullamco laboris nisi ut aliquip ex ea commodo consequat duis aute irure dolor in reprehenderit in voluptate velit esse cillum dolore eu fugiat nulla pariatur excepteur sint occaecat cupidatat non proident sunt in culpa qui officia deserunt mollit anim id est laborum Lorem ipsum dolor sit amet consectetur adipiscing elit sed do eiusmod tempor incididunt ut labore et dolore magna aliqua ut enim ad minim veniam quis nostrud exer

Lorem ipsum dolor sit amet consectetur adipiscing elit sed do eiusmod tempor incididunt ut labore et dolore magna aliqua ut enim ad minim veniam quis nostrud exercitation ullamco laboris nisi ut aliquip ex ea commodo consequat duis aute irure dolor in reprehenderit in voluptate velit esse cillum dolore eu fugiat nulla pariatur excepteur sint occaecat cupidatat non proident sunt in culpa qui officia deserunt mollit anim id est laborum Lorem ipsum dolor sit amet consectetur adipiscing elit sed do eiusmod tempor incididunt ut labore et dolore magna aliqua ut enim ad minim veniam quis nostrud exer

FIGHTS WITH THE POLICE.

Lorem ipsum dolor sit amet consectetur adipiscing elit sed do eiusmod tempor incididunt ut labore et dolore magna aliqua ut enim ad minim veniam quis nostrud exercitation ullamco laboris nisi ut aliquip ex ea commodo consequat duis aute irure dolor in reprehenderit in voluptate velit esse cillum dolore eu fugiat nulla pariatur excepteur sint occaecat cupidatat non proident sunt in culpa qui officia deserunt mollit anim id est laborum Lorem ipsum dolor sit amet consectetur adipiscing elit sed do eiusmod tempor incididunt ut labore et dolore magna aliqua ut enim ad minim veniam quis nostrud exer

Lorem ipsum dolor sit amet consectetur adipiscing elit sed do eiusmod tempor incididunt ut labore et dolore magna aliqua ut enim ad minim veniam quis nostrud exercitation ullamco laboris nisi ut aliquip ex ea commodo consequat duis aute irure dolor in reprehenderit in voluptate velit esse cillum dolore eu fugiat nulla pariatur excepteur sint occaecat cupidatat non proident sunt in culpa qui officia deserunt mollit anim id est laborum Lorem ipsum dolor sit amet consectetur adipiscing elit sed do eiusmod tempor incididunt ut labore et dolore magna aliqua ut enim ad minim veniam quis nostrud exer

Lorem ipsum dolor sit amet consectetur adipiscing elit sed do eiusmod tempor incididunt ut labore et dolore magna aliqua ut enim ad minim veniam quis nostrud exercitation ullamco laboris nisi ut aliquip ex ea commodo consequat duis aute irure dolor in reprehenderit in voluptate velit esse cillum dolore eu fugiat nulla pariatur excepteur sint occaecat cupidatat non proident sunt in culpa qui officia deserunt mollit anim id est laborum Lorem ipsum dolor sit amet consectetur adipiscing elit sed do eiusmod tempor incididunt ut labore et dolore magna aliqua ut enim ad minim veniam quis nostrud exer

MR. JOHN BURNS HOOTED.

Lorem ipsum dolor sit amet consectetur adipiscing elit sed do eiusmod tempor incididunt ut labore et dolore magna aliqua ut enim ad minim veniam quis nostrud exercitation ullamco laboris nisi ut aliquip ex ea commodo consequat duis aute irure dolor in reprehenderit in voluptate velit esse cillum dolore eu fugiat nulla pariatur excepteur sint occaecat cupidatat non proident sunt in culpa qui officia deserunt mollit anim id est laborum Lorem ipsum dolor sit amet consectetur adipiscing elit sed do eiusmod tempor incididunt ut labore et dolore magna aliqua ut enim ad minim veniam quis nostrud exer

Lorem ipsum dolor sit amet consectetur adipiscing elit sed do eiusmod tempor incididunt ut labore et dolore magna aliqua ut enim ad minim veniam quis nostrud exercitation ullamco laboris nisi ut aliquip ex ea commodo consequat duis aute irure dolor in reprehenderit in voluptate velit esse cillum dolore eu fugiat nulla pariatur excepteur sint occaecat cupidatat non proident sunt in culpa qui officia deserunt mollit anim id est laborum Lorem ipsum dolor sit amet consectetur adipiscing elit sed do eiusmod tempor incididunt ut labore et dolore magna aliqua ut enim ad minim veniam quis nostrud exer

Lorem ipsum dolor sit amet consectetur adipiscing elit sed do eiusmod tempor incididunt ut labore et dolore magna aliqua ut enim ad minim veniam quis nostrud exercitation ullamco laboris nisi ut aliquip ex ea commodo consequat duis aute irure dolor in reprehenderit in voluptate velit esse cillum dolore eu fugiat nulla pariatur excepteur sint occaecat cupidatat non proident sunt in culpa qui officia deserunt mollit anim id est laborum Lorem ipsum dolor sit amet consectetur adipiscing elit sed do eiusmod tempor incididunt ut labore et dolore magna aliqua ut enim ad minim veniam quis nostrud exer

THE ARRESTS.

Lorem ipsum dolor sit amet consectetur adipiscing elit sed do eiusmod tempor incididunt ut labore et dolore magna aliqua ut enim ad minim veniam quis nostrud exercitation ullamco laboris nisi ut aliquip ex ea commodo consequat duis aute irure dolor in reprehenderit in voluptate velit esse cillum dolore eu fugiat nulla pariatur excepteur sint occaecat cupidatat non proident sunt in culpa qui officia deserunt mollit anim id est laborum Lorem ipsum dolor sit amet consectetur adipiscing elit sed do eiusmod tempor incididunt ut labore et dolore magna aliqua ut enim ad minim veniam quis nostrud exer

Lorem ipsum dolor sit amet consectetur adipiscing elit sed do eiusmod tempor incididunt ut labore et dolore magna aliqua ut enim ad minim veniam quis nostrud exercitation ullamco laboris nisi ut aliquip ex ea commodo consequat duis aute irure dolor in reprehenderit in voluptate velit esse cillum dolore eu fugiat nulla pariatur excepteur sint occaecat cupidatat non proident sunt in culpa qui officia deserunt mollit anim id est laborum Lorem ipsum dolor sit amet consectetur adipiscing elit sed do eiusmod tempor incididunt ut labore et dolore magna aliqua ut enim ad minim veniam quis nostrud exer

Lorem ipsum dolor sit amet consectetur adipiscing elit sed do eiusmod tempor incididunt ut labore et dolore magna aliqua ut enim ad minim veniam quis nostrud exercitation ullamco laboris nisi ut aliquip ex ea commodo consequat duis aute irure dolor in reprehenderit in voluptate velit esse cillum dolore eu fugiat nulla pariatur excepteur sint occaecat cupidatat non proident sunt in culpa qui officia deserunt mollit anim id est laborum Lorem ipsum dolor sit amet consectetur adipiscing elit sed do eiusmod tempor incididunt ut labore et dolore magna aliqua ut enim ad minim veniam quis nostrud exer

ATHLETIC SPORTS.
CRICKET.
TEAMS FOR SATURDAY.
PRESS PLAYS STAGE.

Lorem ipsum dolor sit amet consectetur adipiscing elit sed do eiusmod tempor incididunt ut labore et dolore magna aliqua ut enim ad minim veniam quis nostrud exercitation ullamco laboris nisi ut aliquip ex ea commodo consequat duis aute irure dolor in reprehenderit in voluptate velit esse cillum dolore eu fugiat nulla pariatur excepteur sint occaecat cupidatat non proident sunt in culpa qui officia deserunt mollit anim id est laborum Lorem ipsum dolor sit amet consectetur adipiscing elit sed do

Lorem ipsum dolor sit amet consectetur adipiscing elit sed do eiusmod tempor incididunt ut labore et dolore magna aliqua ut enim ad minim veniam quis nostrud exercitation ullamco laboris nisi ut aliquip ex ea commodo consequat duis aute irure dolor in reprehenderit in voluptate velit esse cillum dolore eu fugiat nulla pariatur excepteur sint occaecat cupidatat non proident sunt in culpa qui officia deserunt mollit anim id est laborum Lorem ipsum dolor sit amet consectetur adipiscing elit sed do

Lorem ipsum dolor sit amet consectetur adipiscing elit sed do eiusmod tempor incididunt ut labore et dolore magna aliqua ut enim ad minim veniam quis nostrud exercitation ullamco laboris nisi ut aliquip ex ea commodo consequat duis aute irure dolor in reprehenderit in voluptate velit esse cillum dolore eu fugiat nulla pariatur excepteur sint occaecat cupidatat non proident sunt in culpa qui officia deserunt mollit anim id est laborum Lorem ipsum dolor sit amet consectetur adipiscing elit sed do

BOWLS.
HATAITAI CLUB.

Lorem ipsum dolor sit amet consectetur adipiscing elit sed do eiusmod tempor incididunt ut labore et dolore magna aliqua ut enim ad minim veniam quis nostrud exercitation ullamco laboris nisi ut aliquip ex ea commodo consequat duis aute irure dolor in reprehenderit in voluptate velit esse cillum dolore eu fugiat nulla pariatur excepteur sint occaecat cupidatat non proident sunt in culpa qui officia deserunt mollit anim id est laborum Lorem ipsum dolor sit amet consectetur adipiscing elit sed do

Lorem ipsum dolor sit amet consectetur adipiscing elit sed do eiusmod tempor incididunt ut labore et dolore magna aliqua ut enim ad minim veniam quis nostrud exercitation ullamco laboris nisi ut aliquip ex ea commodo consequat duis aute irure dolor in reprehenderit in voluptate velit esse cillum dolore eu fugiat nulla pariatur excepteur sint occaecat cupidatat non proident sunt in culpa qui officia deserunt mollit anim id est laborum Lorem ipsum dolor sit amet consectetur adipiscing elit sed do

Lorem ipsum dolor sit amet consectetur adipiscing elit sed do eiusmod tempor incididunt ut labore et dolore magna aliqua ut enim ad minim veniam quis nostrud exercitation ullamco laboris nisi ut aliquip ex ea commodo consequat duis aute irure dolor in reprehenderit in voluptate velit esse cillum dolore eu fugiat nulla pariatur excepteur sint occaecat cupidatat non proident sunt in culpa qui officia deserunt mollit anim id est laborum Lorem ipsum dolor sit amet consectetur adipiscing elit sed do

CYCLING.
THE SIX DAYS RACE.

Lorem ipsum dolor sit amet consectetur adipiscing elit sed do eiusmod tempor incididunt ut labore et dolore magna aliqua ut enim ad minim veniam quis nostrud exercitation ullamco laboris nisi ut aliquip ex ea commodo consequat duis aute irure dolor in reprehenderit in voluptate velit esse cillum dolore eu fugiat nulla pariatur excepteur sint occaecat cupidatat non proident sunt in culpa qui officia deserunt mollit anim id est laborum Lorem ipsum dolor sit amet consectetur adipiscing elit sed do

Lorem ipsum dolor sit amet consectetur adipiscing elit sed do eiusmod tempor incididunt ut labore et dolore magna aliqua ut enim ad minim veniam quis nostrud exercitation ullamco laboris nisi ut aliquip ex ea commodo consequat duis aute irure dolor in reprehenderit in voluptate velit esse cillum dolore eu fugiat nulla pariatur excepteur sint occaecat cupidatat non proident sunt in culpa qui officia deserunt mollit anim id est laborum Lorem ipsum dolor sit amet consectetur adipiscing elit sed do

Lorem ipsum dolor sit amet consectetur adipiscing elit sed do eiusmod tempor incididunt ut labore et dolore magna aliqua ut enim ad minim veniam quis nostrud exercitation ullamco laboris nisi ut aliquip ex ea commodo consequat duis aute irure dolor in reprehenderit in voluptate velit esse cillum dolore eu fugiat nulla pariatur excepteur sint occaecat cupidatat non proident sunt in culpa qui officia deserunt mollit anim id est laborum Lorem ipsum dolor sit amet consectetur adipiscing elit sed do

BILLIARDS.

Lorem ipsum dolor sit amet consectetur adipiscing elit sed do eiusmod tempor incididunt ut labore et dolore magna aliqua ut enim ad minim veniam quis nostrud exercitation ullamco laboris nisi ut aliquip ex ea commodo consequat duis aute irure dolor in reprehenderit in voluptate velit esse cillum dolore eu fugiat nulla pariatur excepteur sint occaecat cupidatat non proident sunt in culpa qui officia deserunt mollit anim id est laborum Lorem ipsum dolor sit amet consectetur adipiscing elit sed do

Lorem ipsum dolor sit amet consectetur adipiscing elit sed do eiusmod tempor incididunt ut labore et dolore magna aliqua ut enim ad minim veniam quis nostrud exercitation ullamco laboris nisi ut aliquip ex ea commodo consequat duis aute irure dolor in reprehenderit in voluptate velit esse cillum dolore eu fugiat nulla pariatur excepteur sint occaecat cupidatat non proident sunt in culpa qui officia deserunt mollit anim id est laborum Lorem ipsum dolor sit amet consectetur adipiscing elit sed do

Lorem ipsum dolor sit amet consectetur adipiscing elit sed do eiusmod tempor incididunt ut labore et dolore magna aliqua ut enim ad minim veniam quis nostrud exercitation ullamco laboris nisi ut aliquip ex ea commodo consequat duis aute irure dolor in reprehenderit in voluptate velit esse cillum dolore eu fugiat nulla pariatur excepteur sint occaecat cupidatat non proident sunt in culpa qui officia deserunt mollit anim id est laborum Lorem ipsum dolor sit amet consectetur adipiscing elit sed do

BOXING.
M'VEA AND LANGFORD.
JOHNSON-M'VEA MATCH.

Lorem ipsum dolor sit amet consectetur adipiscing elit sed do eiusmod tempor incididunt ut labore et dolore magna aliqua ut enim ad minim veniam quis nostrud exercitation ullamco laboris nisi ut aliquip ex ea commodo consequat duis aute irure dolor in reprehenderit in voluptate velit esse cillum dolore eu fugiat nulla pariatur excepteur sint occaecat cupidatat non proident sunt in culpa qui officia deserunt mollit anim id est laborum Lorem ipsum dolor sit amet consectetur adipiscing elit sed do

Lorem ipsum dolor sit amet consectetur adipiscing elit sed do eiusmod tempor incididunt ut labore et dolore magna aliqua ut enim ad minim veniam quis nostrud exercitation ullamco laboris nisi ut aliquip ex ea commodo consequat duis aute irure dolor in reprehenderit in voluptate velit esse cillum dolore eu fugiat nulla pariatur excepteur sint occaecat cupidatat non proident sunt in culpa qui officia deserunt mollit anim id est laborum Lorem ipsum dolor sit amet consectetur adipiscing elit sed do

Lorem ipsum dolor sit amet consectetur adipiscing elit sed do eiusmod tempor incididunt ut labore et dolore magna aliqua ut enim ad minim veniam quis nostrud exercitation ullamco laboris nisi ut aliquip ex ea commodo consequat duis aute irure dolor in reprehenderit in voluptate velit esse cillum dolore eu fugiat nulla pariatur excepteur sint occaecat cupidatat non proident sunt in culpa qui officia deserunt mollit anim id est laborum Lorem ipsum dolor sit amet consectetur adipiscing elit sed do

HOLIDAY CRICKET.
OVER THE STRAIT.
THE EAST CLUB ON TOUR.

Lorem ipsum dolor sit amet consectetur adipiscing elit sed do eiusmod tempor incididunt ut labore et dolore magna aliqua ut enim ad minim veniam quis nostrud exercitation ullamco laboris nisi ut aliquip ex ea commodo consequat duis aute irure dolor in reprehenderit in voluptate velit esse cillum dolore eu fugiat nulla pariatur excepteur sint occaecat cupidatat non proident sunt in culpa qui officia deserunt mollit anim id est laborum Lorem ipsum dolor sit amet consectetur adipiscing elit sed do

Lorem ipsum dolor sit amet consectetur adipiscing elit sed do eiusmod tempor incididunt ut labore et dolore magna aliqua ut enim ad minim veniam quis nostrud exercitation ullamco laboris nisi ut aliquip ex ea commodo consequat duis aute irure dolor in reprehenderit in voluptate velit esse cillum dolore eu fugiat nulla pariatur excepteur sint occaecat cupidatat non proident sunt in culpa qui officia deserunt mollit anim id est laborum Lorem ipsum dolor sit amet consectetur adipiscing elit sed do

Lorem ipsum dolor sit amet consectetur adipiscing elit sed do eiusmod tempor incididunt ut labore et dolore magna aliqua ut enim ad minim veniam quis nostrud exercitation ullamco laboris nisi ut aliquip ex ea commodo consequat duis aute irure dolor in reprehenderit in voluptate velit esse cillum dolore eu fugiat nulla pariatur excepteur sint occaecat cupidatat non proident sunt in culpa qui officia deserunt mollit anim id est laborum Lorem ipsum dolor sit amet consectetur adipiscing elit sed do

FIRES.
CORONIAL INQUIRY.

Lorem ipsum dolor sit amet consectetur adipiscing elit sed do eiusmod tempor incididunt ut labore et dolore magna aliqua ut enim ad minim veniam quis nostrud exercitation ullamco laboris nisi ut aliquip ex ea commodo consequat duis aute irure dolor in reprehenderit in voluptate velit esse cillum dolore eu fugiat nulla pariatur excepteur sint occaecat cupidatat non proident sunt in culpa qui officia deserunt mollit anim id est laborum Lorem ipsum dolor sit amet consectetur adipiscing elit sed do eiusmod tempor incididunt ut labore et dolore magna aliqua ut enim ad minim veniam quis nostrud exercitation ullamco laboris nisi ut aliquip ex ea commodo consequat duis aute irure dolor in reprehenderit in voluptate velit esse cillum dolore eu fugiat nulla pariatur excepteur sint occaecat cupidatat non proident sunt in culpa qui officia deserunt mollit anim id est laborum Lorem ipsum dolor sit amet consectetur adipiscing elit sed do eiusmod tempor incididunt ut labore et dolore magna aliqua ut enim ad minim veniam quis nostrud exercitation ullamco laboris nisi ut aliquip ex ea commodo consequat duis aute irure dolor in reprehenderit in voluptate velit esse cillum dolore eu fugiat nulla pariatur excepteur sint occaecat cupidatat non proident sunt in culpa qui officia deserunt mollit anim id est laborum Lorem ipsum dolor sit amet consectetur adipiscing elit sed do eiusmod tempor incididunt ut labore et dolore magna aliqua ut enim ad minim veniam quis nostrud exercitation ullamco laboris

Lorem ipsum dolor sit amet consectetur adipiscing elit sed do eiusmod tempor incididunt ut labore et dolore magna aliqua ut enim ad minim veniam quis nostrud exercitation ullamco laboris nisi ut aliquip ex ea commodo consequat duis aute irure dolor in reprehenderit in voluptate velit esse cillum dolore eu fugiat nulla pariatur excepteur sint occaecat cupidatat non proident sunt in culpa qui officia deserunt mollit anim id est laborum Lorem ipsum dolor sit amet consectetur adipiscing elit sed do eiusmod tempor incididunt ut labore et dolore magna aliqua ut enim ad minim veniam quis nostrud exercitation ullamco laboris nisi ut aliquip ex ea commodo consequat duis aute irure dolor in reprehenderit in voluptate velit esse cillum dolore eu fugiat nulla pariatur excepteur sint occaecat cupidatat non proident sunt in culpa qui officia deserunt mollit anim id est laborum Lorem ipsum dolor sit amet consectetur adipiscing elit sed do eiusmod tempor incididunt ut labore et dolore magna aliqua ut enim ad minim veniam quis nostrud exercitation ullamco laboris nisi ut aliquip ex ea commodo consequat duis aute irure dolor in reprehenderit in voluptate velit esse cillum dolore eu fugiat nulla pariatur excepteur sint occaecat cupidatat non proident sunt in culpa qui officia deserunt mollit anim id est laborum Lorem ipsum dolor sit amet consectetur adipiscing elit sed do eiusmod tempor incididunt ut labore et dolore magna aliqua ut enim ad minim veniam quis nostrud exercitation ullamco laboris

Lorem ipsum dolor sit amet consectetur adipiscing elit sed do eiusmod tempor incididunt ut labore et dolore magna aliqua ut enim ad minim veniam quis nostrud exercitation ullamco laboris nisi ut aliquip ex ea commodo consequat duis aute irure dolor in reprehenderit in voluptate velit esse cillum dolore eu fugiat nulla pariatur excepteur sint occaecat cupidatat non proident sunt in culpa qui officia deserunt mollit anim id est laborum Lorem ipsum dolor sit amet consectetur adipiscing elit sed do eiusmod tempor incididunt ut labore et dolore magna aliqua ut enim ad minim veniam quis nostrud exercitation ullamco laboris nisi ut aliquip ex ea commodo consequat duis aute irure dolor in reprehenderit in voluptate velit esse cillum dolore eu fugiat nulla pariatur excepteur sint occaecat cupidatat non proident sunt in culpa qui officia deserunt mollit anim id est laborum Lorem ipsum dolor sit amet consectetur adipiscing elit sed do eiusmod tempor incididunt ut labore et dolore magna aliqua ut enim ad minim veniam quis nostrud exercitation ullamco laboris nisi ut aliquip ex ea commodo consequat duis aute irure dolor in reprehenderit in voluptate velit esse cillum dolore eu fugiat nulla pariatur excepteur sint occaecat cupidatat non proident sunt in culpa qui officia deserunt mollit anim id est laborum Lorem ipsum dolor sit amet consectetur adipiscing elit sed do eiusmod tempor incididunt ut labore et dolore magna aliqua ut enim ad minim veniam quis nostrud exercitation ullamco laboris

ARMY'S HEALTH.
EFFECTS OF CHILD TOBACCO ON PHYSIQUE.

Lorem ipsum dolor sit amet consectetur adipiscing elit sed do eiusmod tempor incididunt ut labore et dolore magna aliqua ut enim ad minim veniam quis nostrud exercitation ullamco laboris nisi ut aliquip ex ea commodo consequat duis aute irure dolor in reprehenderit in voluptate velit esse cillum dolore eu fugiat nulla pariatur excepteur sint occaecat cupidatat non proident sunt in culpa qui officia deserunt mollit anim id est laborum Lorem ipsum dolor sit amet consectetur adipiscing elit sed do eiusmod tempor incididunt ut labore et dolore magna aliqua ut enim ad minim veniam quis nostrud exercitation ullamco laboris nisi ut aliquip ex ea commodo consequat duis aute irure dolor in reprehenderit in voluptate velit esse cillum dolore eu fugiat nulla pariatur excepteur sint occaecat cupidatat non proident sunt in culpa qui officia deserunt mollit anim id est laborum Lorem ipsum dolor sit amet consectetur adipiscing elit sed do eiusmod tempor incididunt ut labore et dolore magna aliqua ut enim ad minim veniam quis nostrud exercitation ullamco laboris nisi ut aliquip ex ea commodo consequat duis aute irure dolor in reprehenderit in voluptate velit esse cillum dolore eu fugiat nulla pariatur excepteur sint occaecat cupidatat non proident sunt in culpa qui officia deserunt mollit anim id est laborum Lorem ipsum dolor sit amet consectetur adipiscing elit sed do eiusmod tempor incididunt ut labore et dolore magna aliqua ut enim ad minim veniam quis nostrud exercitation ullamco laboris

Lorem ipsum dolor sit amet consectetur adipiscing elit sed do eiusmod tempor incididunt ut labore et dolore magna aliqua ut enim ad minim veniam quis nostrud exercitation ullamco laboris nisi ut aliquip ex ea commodo consequat duis aute irure dolor in reprehenderit in voluptate velit esse cillum dolore eu fugiat nulla pariatur excepteur sint occaecat cupidatat non proident sunt in culpa qui officia deserunt mollit anim id est laborum Lorem ipsum dolor sit amet consectetur adipiscing elit sed do eiusmod tempor incididunt ut labore et dolore magna aliqua ut enim ad minim veniam quis nostrud exercitation ullamco laboris nisi ut aliquip ex ea commodo consequat duis aute irure dolor in reprehenderit in voluptate velit esse cillum dolore eu fugiat nulla pariatur excepteur sint occaecat cupidatat non proident sunt in culpa qui officia deserunt mollit anim id est laborum Lorem ipsum dolor sit amet consectetur adipiscing elit sed do eiusmod tempor incididunt ut labore et dolore magna aliqua ut enim ad minim veniam quis nostrud exercitation ullamco laboris nisi ut aliquip ex ea commodo consequat duis aute irure dolor in reprehenderit in voluptate velit esse cillum dolore eu fugiat nulla pariatur excepteur sint occaecat cupidatat non proident sunt in culpa qui officia deserunt mollit anim id est laborum Lorem ipsum dolor sit amet consectetur adipiscing elit sed do eiusmod tempor incididunt ut labore et dolore magna aliqua ut enim ad minim veniam quis nostrud exercitation ullamco laboris

Lorem ipsum dolor sit amet consectetur adipiscing elit sed do eiusmod tempor incididunt ut labore et dolore magna aliqua ut enim ad minim veniam quis nostrud exercitation ullamco laboris nisi ut aliquip ex ea commodo consequat duis aute irure dolor in reprehenderit in voluptate velit esse cillum dolore eu fugiat nulla pariatur excepteur sint occaecat cupidatat non proident sunt in culpa qui officia deserunt mollit anim id est laborum Lorem ipsum dolor sit amet consectetur adipiscing elit sed do eiusmod tempor incididunt ut labore et dolore magna aliqua ut enim ad minim veniam quis nostrud exercitation ullamco laboris nisi ut aliquip ex ea commodo consequat duis aute irure dolor in reprehenderit in voluptate velit esse cillum dolore eu fugiat nulla pariatur excepteur sint occaecat cupidatat non proident sunt in culpa qui officia deserunt mollit anim id est laborum Lorem ipsum dolor sit amet consectetur adipiscing elit sed do eiusmod tempor incididunt ut labore et dolore magna aliqua ut enim ad minim veniam quis nostrud exercitation ullamco laboris nisi ut aliquip ex ea commodo consequat duis aute irure dolor in reprehenderit in voluptate velit esse cillum dolore eu fugiat nulla pariatur excepteur sint occaecat cupidatat non proident sunt in culpa qui officia deserunt mollit anim id est laborum Lorem ipsum dolor sit amet consectetur adipiscing elit sed do eiusmod tempor incididunt ut labore et dolore magna aliqua ut enim ad minim veniam quis nostrud exercitation ullamco laboris
